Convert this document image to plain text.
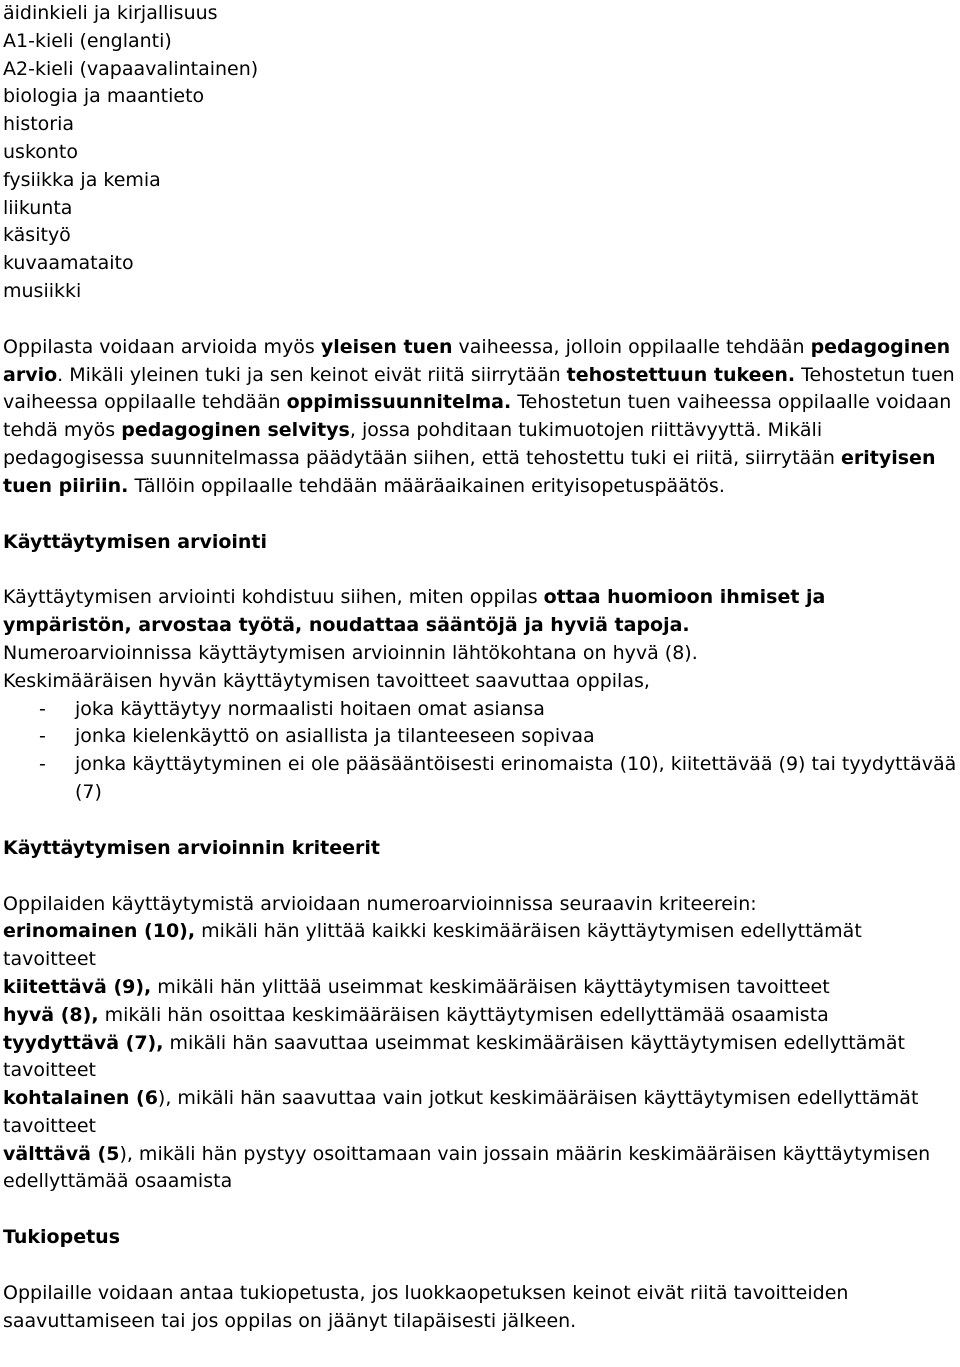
äidinkieli ja kirjallisuus

A1-kieli (englanti)

A2-kieli (vapaavalintainen)

biologia ja maantieto

historia

uskonto

fysiikka ja kemia

liikunta

käsityö

kuvaamataito

musiikki

Oppilasta voidaan arvioida myös yleisen tuen vaiheessa, jolloin oppilaalle tehdään pedagoginen arvio. Mikäli yleinen tuki ja sen keinot eivät riitä siirrytään tehostettuun tukeen. Tehostetun tuen vaiheessa oppilaalle tehdään oppimissuunnitelma. Tehostetun tuen vaiheessa oppilaalle voidaan tehdä myös pedagoginen selvitys, jossa pohditaan tukimuotojen riittävyyttä. Mikäli pedagogisessa suunnitelmassa päädytään siihen, että tehostettu tuki ei riitä, siirrytään erityisen tuen piiriin. Tällöin oppilaalle tehdään määräaikainen erityisopetuspäätös.

Käyttäytymisen arviointi

Käyttäytymisen arviointi kohdistuu siihen, miten oppilas ottaa huomioon ihmiset ja ympäristön, arvostaa työtä, noudattaa sääntöjä ja hyviä tapoja.

Numeroarvioinnissa käyttäytymisen arvioinnin lähtökohtana on hyvä (8).

Keskimääräisen hyvän käyttäytymisen tavoitteet saavuttaa oppilas,

- joka käyttäytyy normaalisti hoitaen omat asiansa

- jonka kielenkäyttö on asiallista ja tilanteeseen sopivaa

- jonka käyttäytyminen ei ole pääsääntöisesti erinomaista (10), kiitettävää (9) tai tyydyttävää (7)

Käyttäytymisen arvioinnin kriteerit

Oppilaiden käyttäytymistä arvioidaan numeroarvioinnissa seuraavin kriteerein:

erinomainen (10), mikäli hän ylittää kaikki keskimääräisen käyttäytymisen edellyttämät tavoitteet

kiitettävä (9), mikäli hän ylittää useimmat keskimääräisen käyttäytymisen tavoitteet

hyvä (8), mikäli hän osoittaa keskimääräisen käyttäytymisen edellyttämää osaamista

tyydyttävä (7), mikäli hän saavuttaa useimmat keskimääräisen käyttäytymisen edellyttämät tavoitteet

kohtalainen (6), mikäli hän saavuttaa vain jotkut keskimääräisen käyttäytymisen edellyttämät tavoitteet

välttävä (5), mikäli hän pystyy osoittamaan vain jossain määrin keskimääräisen käyttäytymisen edellyttämää osaamista

Tukiopetus

Oppilaille voidaan antaa tukiopetusta, jos luokkaopetuksen keinot eivät riitä tavoitteiden saavuttamiseen tai jos oppilas on jäänyt tilapäisesti jälkeen.
